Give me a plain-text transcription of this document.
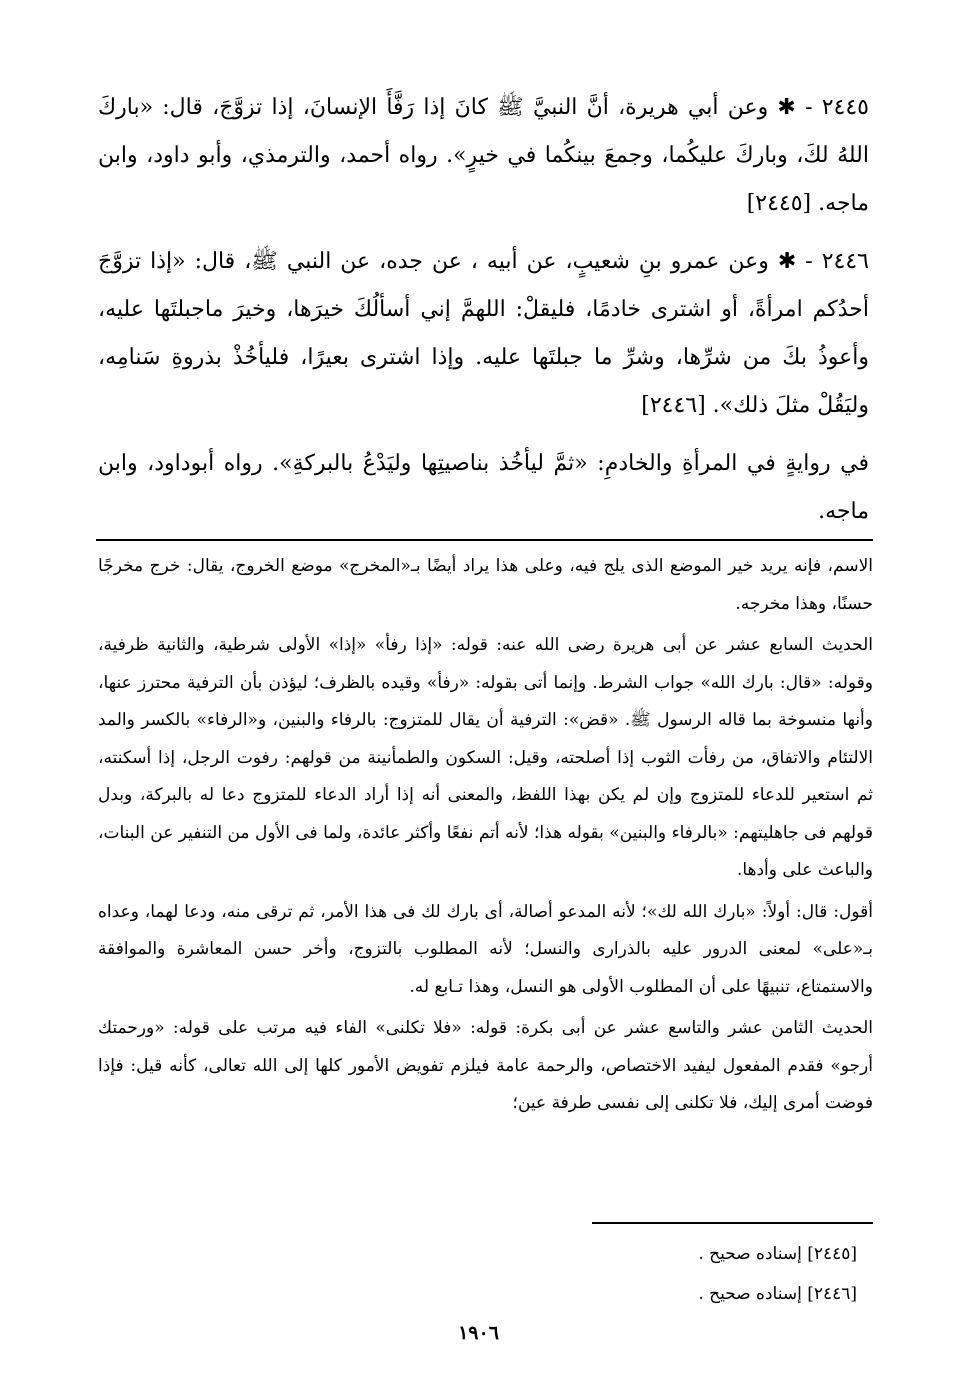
٢٤٤٥ - ✱ وعن أبي هريرة، أنَّ النبيَّ ﷺ كانَ إذا رَفَّأَ الإنسانَ، إذا تزوَّجَ، قال: «باركَ اللهُ لكَ، وباركَ عليكُما، وجمعَ بينكُما في خيرٍ». رواه أحمد، والترمذي، وأبو داود، وابن ماجه. [٢٤٤٥]

٢٤٤٦ - ✱ وعن عمرو بنِ شعيبٍ، عن أبيه ، عن جده، عن النبي ﷺ، قال: «إذا تزوَّجَ أحدُكم امرأةً، أو اشترى خادمًا، فليقلْ: اللهمَّ إني أسألُكَ خيرَها، وخيرَ ماجبلتَها عليه، وأعوذُ بكَ من شرِّها، وشرِّ ما جبلتَها عليه. وإذا اشترى بعيرًا، فليأخُذْ بذروةِ سَنامِه، وليَقُلْ مثلَ ذلك». [٢٤٤٦]

في روايةٍ في المرأةِ والخادمِ: «ثمَّ ليأخُذ بناصيتِها وليَدْعُ بالبركةِ». رواه أبوداود، وابن ماجه.

الاسم، فإنه يريد خير الموضع الذى يلج فيه، وعلى هذا يراد أيضًا بـ«المخرج» موضع الخروج، يقال: خرج مخرجًا حسنًا، وهذا مخرجه.

الحديث السابع عشر عن أبى هريرة رضى الله عنه: قوله: «إذا رفأ» «إذا» الأولى شرطية، والثانية ظرفية، وقوله: «قال: بارك الله» جواب الشرط. وإنما أتى بقوله: «رفأ» وقيده بالظرف؛ ليؤذن بأن الترفية محترز عنها، وأنها منسوخة بما قاله الرسول ﷺ. «قض»: الترفية أن يقال للمتزوج: بالرفاء والبنين، و«الرفاء» بالكسر والمد الالتئام والاتفاق، من رفأت الثوب إذا أصلحته، وقيل: السكون والطمأنينة من قولهم: رفوت الرجل، إذا أسكنته، ثم استعير للدعاء للمتزوج وإن لم يكن بهذا اللفظ، والمعنى أنه إذا أراد الدعاء للمتزوج دعا له بالبركة، وبدل قولهم فى جاهليتهم: «بالرفاء والبنين» بقوله هذا؛ لأنه أتم نفعًا وأكثر عائدة، ولما فى الأول من التنفير عن البنات، والباعث على وأدها.

أقول: قال: أولاً: «بارك الله لك»؛ لأنه المدعو أصالة، أى بارك لك فى هذا الأمر، ثم ترقى منه، ودعا لهما، وعداه بـ«على» لمعنى الدرور عليه بالذرارى والنسل؛ لأنه المطلوب بالتزوج، وأخر حسن المعاشرة والموافقة والاستمتاع، تنبيهًا على أن المطلوب الأولى هو النسل، وهذا تـابع له.

الحديث الثامن عشر والتاسع عشر عن أبى بكرة: قوله: «فلا تكلنى» الفاء فيه مرتب على قوله: «ورحمتك أرجو» فقدم المفعول ليفيد الاختصاص، والرحمة عامة فيلزم تفويض الأمور كلها إلى الله تعالى، كأنه قيل: فإذا فوضت أمرى إليك، فلا تكلنى إلى نفسى طرفة عين؛

[٢٤٤٥] إسناده صحيح .
[٢٤٤٦] إسناده صحيح .
١٩٠٦
